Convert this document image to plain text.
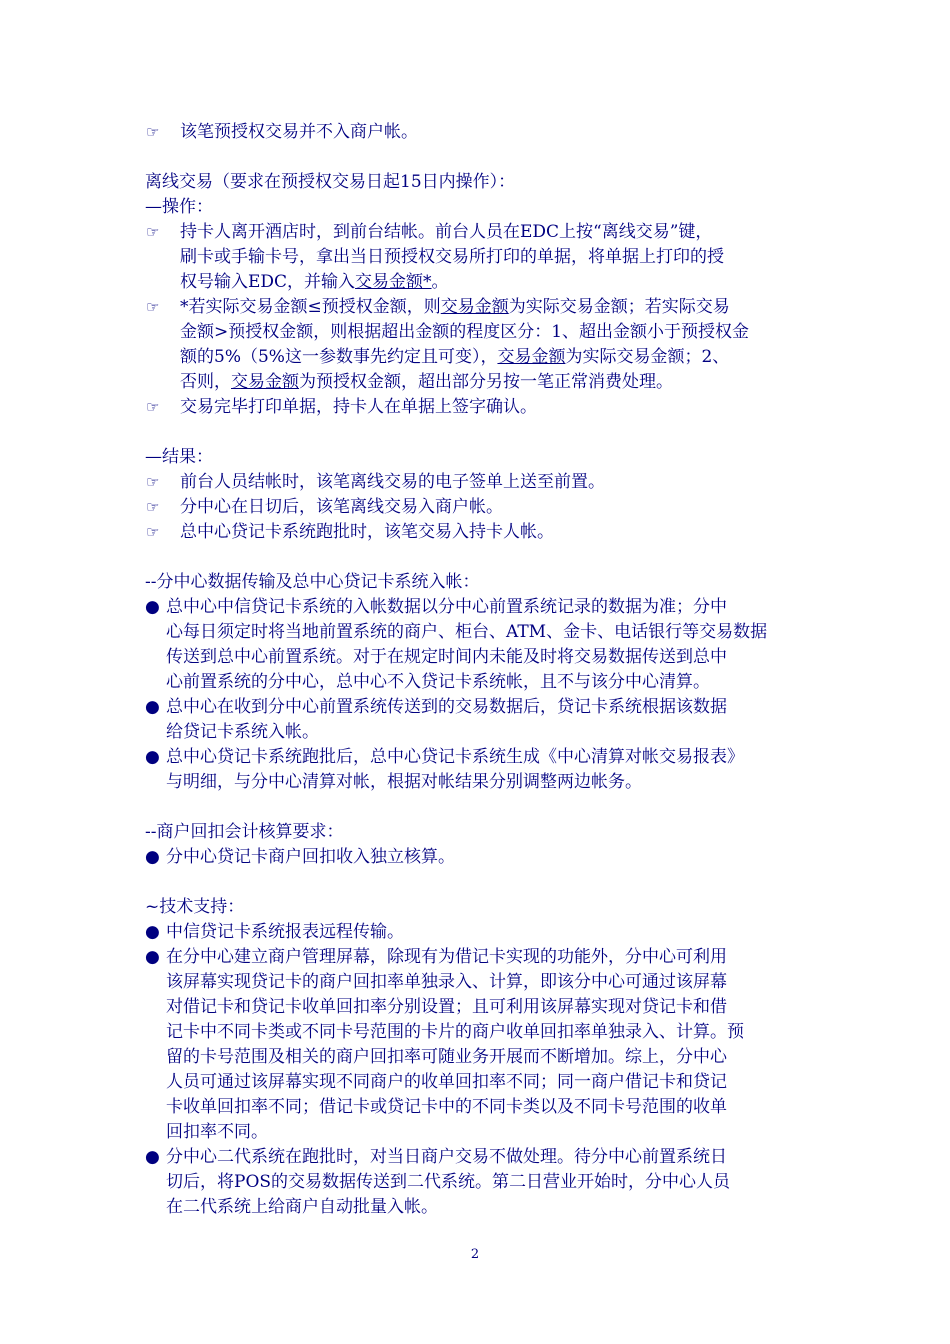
☞	该笔预授权交易并不入商户帐。
离线交易（要求在预授权交易日起15日内操作）：
—操作：
☞	持卡人离开酒店时，到前台结帐。前台人员在EDC上按“离线交易”键，
刷卡或手输卡号，拿出当日预授权交易所打印的单据，将单据上打印的授
权号输入EDC，并输入交易金额*。
☞	*若实际交易金额≤预授权金额，则交易金额为实际交易金额；若实际交易
金额>预授权金额，则根据超出金额的程度区分：1、超出金额小于预授权金
额的5%（5%这一参数事先约定且可变），交易金额为实际交易金额；2、
否则，交易金额为预授权金额，超出部分另按一笔正常消费处理。
☞	交易完毕打印单据，持卡人在单据上签字确认。
—结果：
☞	前台人员结帐时，该笔离线交易的电子签单上送至前置。
☞	分中心在日切后，该笔离线交易入商户帐。
☞	总中心贷记卡系统跑批时，该笔交易入持卡人帐。
--分中心数据传输及总中心贷记卡系统入帐：
● 总中心中信贷记卡系统的入帐数据以分中心前置系统记录的数据为准；分中
心每日须定时将当地前置系统的商户、柜台、ATM、金卡、电话银行等交易数据
传送到总中心前置系统。对于在规定时间内未能及时将交易数据传送到总中
心前置系统的分中心，总中心不入贷记卡系统帐，且不与该分中心清算。
● 总中心在收到分中心前置系统传送到的交易数据后，贷记卡系统根据该数据
给贷记卡系统入帐。
● 总中心贷记卡系统跑批后，总中心贷记卡系统生成《中心清算对帐交易报表》
与明细，与分中心清算对帐，根据对帐结果分别调整两边帐务。
--商户回扣会计核算要求：
● 分中心贷记卡商户回扣收入独立核算。
~技术支持：
● 中信贷记卡系统报表远程传输。
● 在分中心建立商户管理屏幕，除现有为借记卡实现的功能外，分中心可利用
该屏幕实现贷记卡的商户回扣率单独录入、计算，即该分中心可通过该屏幕
对借记卡和贷记卡收单回扣率分别设置；且可利用该屏幕实现对贷记卡和借
记卡中不同卡类或不同卡号范围的卡片的商户收单回扣率单独录入、计算。预
留的卡号范围及相关的商户回扣率可随业务开展而不断增加。综上，分中心
人员可通过该屏幕实现不同商户的收单回扣率不同；同一商户借记卡和贷记
卡收单回扣率不同；借记卡或贷记卡中的不同卡类以及不同卡号范围的收单
回扣率不同。
● 分中心二代系统在跑批时，对当日商户交易不做处理。待分中心前置系统日
切后，将POS的交易数据传送到二代系统。第二日营业开始时，分中心人员
在二代系统上给商户自动批量入帐。
2
